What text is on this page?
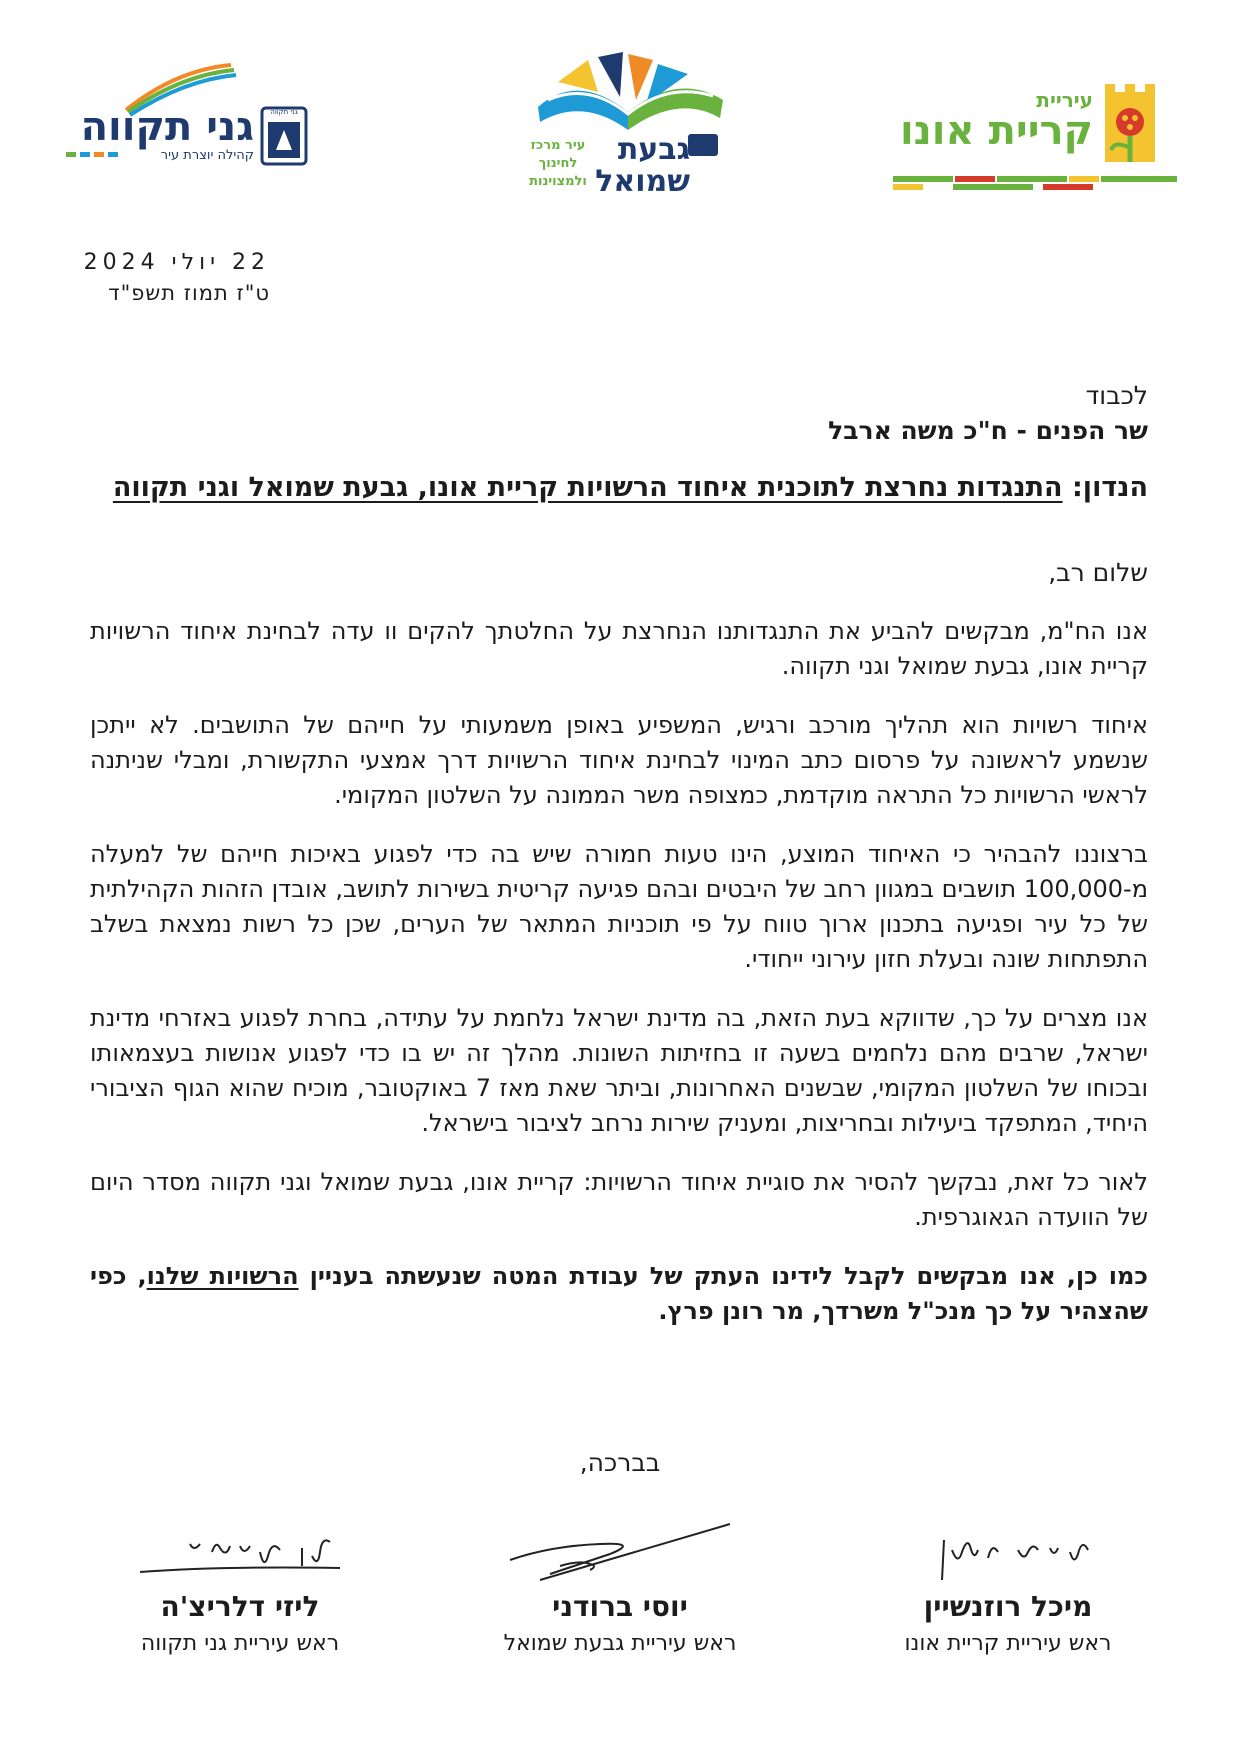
גני תקווה
גני תקווה
קהילה יוצרת עיר	גבעת
שמואל
עיר מרכז
לחינוך
ולמצוינות
עיריית
קריית אונו
22 יולי 2024
ט"ז תמוז תשפ"ד
לכבוד
שר הפנים - ח"כ משה ארבל
הנדון: התנגדות נחרצת לתוכנית איחוד הרשויות קריית אונו, גבעת שמואל וגני תקווה
שלום רב,
אנו הח"מ, מבקשים להביע את התנגדותנו הנחרצת על החלטתך להקים וו עדה לבחינת איחוד הרשויות קריית אונו, גבעת שמואל וגני תקווה.
איחוד רשויות הוא תהליך מורכב ורגיש, המשפיע באופן משמעותי על חייהם של התושבים. לא ייתכן שנשמע לראשונה על פרסום כתב המינוי לבחינת איחוד הרשויות דרך אמצעי התקשורת, ומבלי שניתנה לראשי הרשויות כל התראה מוקדמת, כמצופה משר הממונה על השלטון המקומי.
ברצוננו להבהיר כי האיחוד המוצע, הינו טעות חמורה שיש בה כדי לפגוע באיכות חייהם של למעלה מ-100,000 תושבים במגוון רחב של היבטים ובהם פגיעה קריטית בשירות לתושב, אובדן הזהות הקהילתית של כל עיר ופגיעה בתכנון ארוך טווח על פי תוכניות המתאר של הערים, שכן כל רשות נמצאת בשלב התפתחות שונה ובעלת חזון עירוני ייחודי.
אנו מצרים על כך, שדווקא בעת הזאת, בה מדינת ישראל נלחמת על עתידה, בחרת לפגוע באזרחי מדינת ישראל, שרבים מהם נלחמים בשעה זו בחזיתות השונות. מהלך זה יש בו כדי לפגוע אנושות בעצמאותו ובכוחו של השלטון המקומי, שבשנים האחרונות, וביתר שאת מאז 7 באוקטובר, מוכיח שהוא הגוף הציבורי היחיד, המתפקד ביעילות ובחריצות, ומעניק שירות נרחב לציבור בישראל.
לאור כל זאת, נבקשך להסיר את סוגיית איחוד הרשויות: קריית אונו, גבעת שמואל וגני תקווה מסדר היום של הוועדה הגאוגרפית.
כמו כן, אנו מבקשים לקבל לידינו העתק של עבודת המטה שנעשתה בעניין הרשויות שלנו, כפי שהצהיר על כך מנכ"ל משרדך, מר רונן פרץ.
בברכה,
מיכל רוזנשיין
ראש עיריית קריית אונו
יוסי ברודני
ראש עיריית גבעת שמואל
ליזי דלריצ'ה
ראש עיריית גני תקווה
